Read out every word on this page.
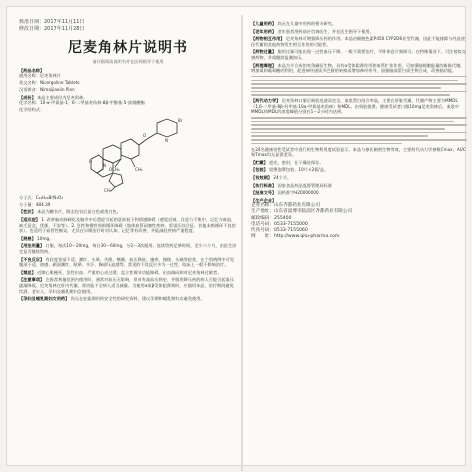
核准日期：2017年11月11日
修改日期：2017年11月28日
尼麦角林片说明书
请仔细阅读说明书并在医师指导下使用
【药品名称】
通用名称：尼麦角林片
英文名称：Nicergoline Tablets
汉语拼音：Nimaijiaolin Pian
【成份】 本品主要成份为尼麦角林。
化学名称：10-α-甲氧基-1，6-二甲基麦角林-8β-甲醇基-5-溴烟酸酯
化学结构式：
Br
N
O
N
H
CH₃
OCH₃
CH₃
分子式：C₂₄H₂₆BrN₃O₃
分子量：484.39
【性状】 本品为糖衣片，除去包衣后显白色或类白色。
【适应症】 1. 改善脑动脉硬化及脑卒中后遗症引起的意欲低下和情感障碍（感觉迟钝、注意力不集中、记忆力衰退、缺乏意念、忧郁、不安等）。2. 急性和慢性周围循环障碍（肢体血管闭塞性疾病、雷诺氏综合征、其他末梢循环不良症状）。也适用于血管性痴呆，尤其在早期治疗时对认知、记忆等有改善，并能减轻疾病严重程度。
【规格】 10mg。
【用法用量】 口服，每次10～20mg，每日30～60mg，分2～3次服用。连续给药足够时间，至少六个月，由医生决定是否继续给药。
【不良反应】 有轻度胃部不适、潮红、头晕、失眠、嗜睡、血压降低、瘙痒、便秘、头痛等症状，在个别病例中可见腹部不适、热感、颜面潮红、眩晕、多汗、胸部压迫感等，常见的不良反应多为一过性，临床上一般不影响治疗。
【禁忌】 近期心肌梗死、急性出血、严重的心动过缓、直立性调节功能障碍、出血倾向和对尼麦角林过敏者。
【注意事项】 在推荐剂量范围内使用时，通常对血压无影响，但对有高血压病史、并服用降压药的病人可能引起血压逐渐降低。尼麦角林在肝内代谢，肾功能不全病人适当减量。当使用α或β受体阻滞剂时，应慎用本品，治疗期间避免饮酒。老年人、孕妇及哺乳期妇女慎用。
【孕妇及哺乳期妇女用药】 尚无在妊娠期用药安全性的研究资料，建议孕期和哺乳期妇女避免使用。
【儿童用药】 尚无在儿童中用药的相关研究。
【老年用药】 老年患者用药前应咨询医生，并在医生指导下使用。
【药物相互作用】 尼麦角林可增强降压药的作用。本品由细胞色素P450 CYP2D6亚型代谢，因此不能排除与经此途径代谢的其他药物发生相互作用的可能性。
【药物过量】 服用过量可能出现一过性血压下降，一般不需要治疗，平卧休息片刻即可。在特殊情况下，可注射拟交感药物，并需继续监测血压。
【药理毒理】 本品为半合成的麦角碱衍生物，具有α受体阻滞作用和血管扩张作用，可加强脑细胞能量的新陈代谢，增加氧和葡萄糖的利用，促进神经递质多巴胺的转换而增加神经传导，加强脑部蛋白质生物合成，改善脑功能。
【药代动力学】 尼麦角林口服后吸收迅速而完全，血浆蛋白结合率高，主要在肝脏代谢，代谢产物主要为MMDL（1,6-二甲基-8β-羟甲基-10α-甲氧基麦角林）和MDL，由肾脏排泄。健康受试者口服10mg尼麦角林后，血浆中MMDL和MDL的浓度峰值分别在1～2小时内达到。
在24名健康男性受试者中进行的生物利用度试验显示，本品与参比制剂生物等效，主要药代动力学参数Cmax、AUC和Tmax均无显著差异。
【贮藏】 遮光，密封，在干燥处保存。
【包装】 铝塑泡罩包装。10片×2板/盒。
【有效期】 24个月。
【执行标准】 国家食品药品监督管理局标准
【批准文号】 国药准字H20000000
【生产企业】
企业名称：山东齐都药业有限公司
生产地址：山东省淄博市临淄区齐都药业有限公司
邮政编码：255400
电话号码：0533-7155000
传真号码：0533-7155060
网　　址：http://www.qilu-pharma.com
